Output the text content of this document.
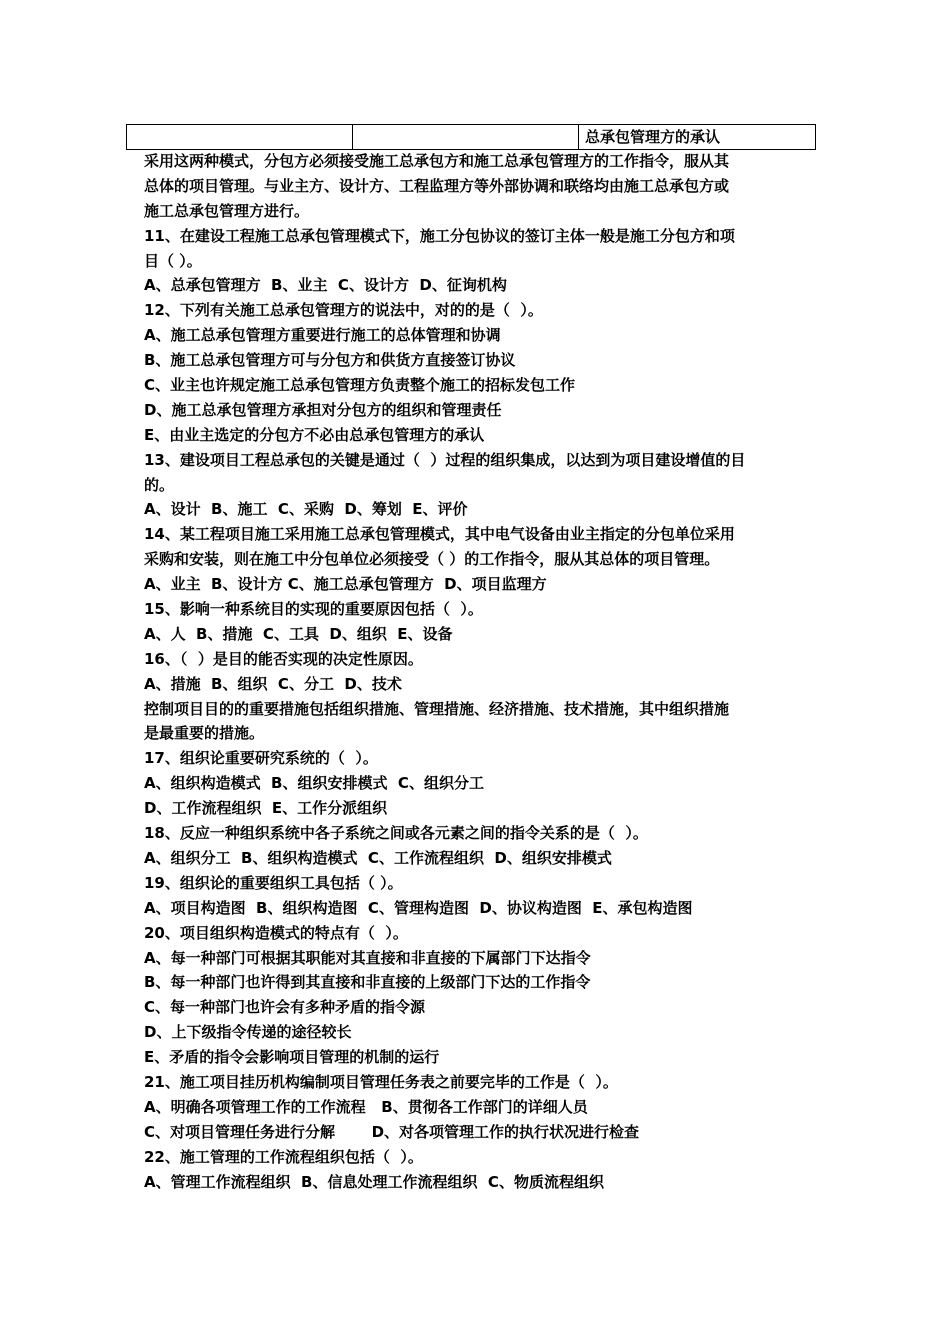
		总承包管理方的承认
采用这两种模式，分包方必须接受施工总承包方和施工总承包管理方的工作指令，服从其
总体的项目管理。与业主方、设计方、工程监理方等外部协调和联络均由施工总承包方或
施工总承包管理方进行。
11、在建设工程施工总承包管理模式下，施工分包协议的签订主体一般是施工分包方和项
目（ ）。
A、总承包管理方  B、业主  C、设计方  D、征询机构
12、下列有关施工总承包管理方的说法中，对的的是（  ）。
A、施工总承包管理方重要进行施工的总体管理和协调
B、施工总承包管理方可与分包方和供货方直接签订协议
C、业主也许规定施工总承包管理方负责整个施工的招标发包工作
D、施工总承包管理方承担对分包方的组织和管理责任
E、由业主选定的分包方不必由总承包管理方的承认
13、建设项目工程总承包的关键是通过（  ）过程的组织集成，以达到为项目建设增值的目
的。
A、设计  B、施工  C、采购  D、筹划  E、评价
14、某工程项目施工采用施工总承包管理模式，其中电气设备由业主指定的分包单位采用
采购和安装，则在施工中分包单位必须接受（ ）的工作指令，服从其总体的项目管理。
A、业主  B、设计方 C、施工总承包管理方  D、项目监理方
15、影响一种系统目的实现的重要原因包括（  ）。
A、人  B、措施  C、工具  D、组织  E、设备
16、（  ）是目的能否实现的决定性原因。
A、措施  B、组织  C、分工  D、技术
控制项目目的的重要措施包括组织措施、管理措施、经济措施、技术措施，其中组织措施
是最重要的措施。
17、组织论重要研究系统的（  ）。
A、组织构造模式  B、组织安排模式  C、组织分工
D、工作流程组织  E、工作分派组织
18、反应一种组织系统中各子系统之间或各元素之间的指令关系的是（  ）。
A、组织分工  B、组织构造模式  C、工作流程组织  D、组织安排模式
19、组织论的重要组织工具包括（ ）。
A、项目构造图  B、组织构造图  C、管理构造图  D、协议构造图  E、承包构造图
20、项目组织构造模式的特点有（  ）。
A、每一种部门可根据其职能对其直接和非直接的下属部门下达指令
B、每一种部门也许得到其直接和非直接的上级部门下达的工作指令
C、每一种部门也许会有多种矛盾的指令源
D、上下级指令传递的途径较长
E、矛盾的指令会影响项目管理的机制的运行
21、施工项目挂历机构编制项目管理任务表之前要完毕的工作是（  ）。
A、明确各项管理工作的工作流程   B、贯彻各工作部门的详细人员
C、对项目管理任务进行分解       D、对各项管理工作的执行状况进行检查
22、施工管理的工作流程组织包括（  ）。
A、管理工作流程组织  B、信息处理工作流程组织  C、物质流程组织
